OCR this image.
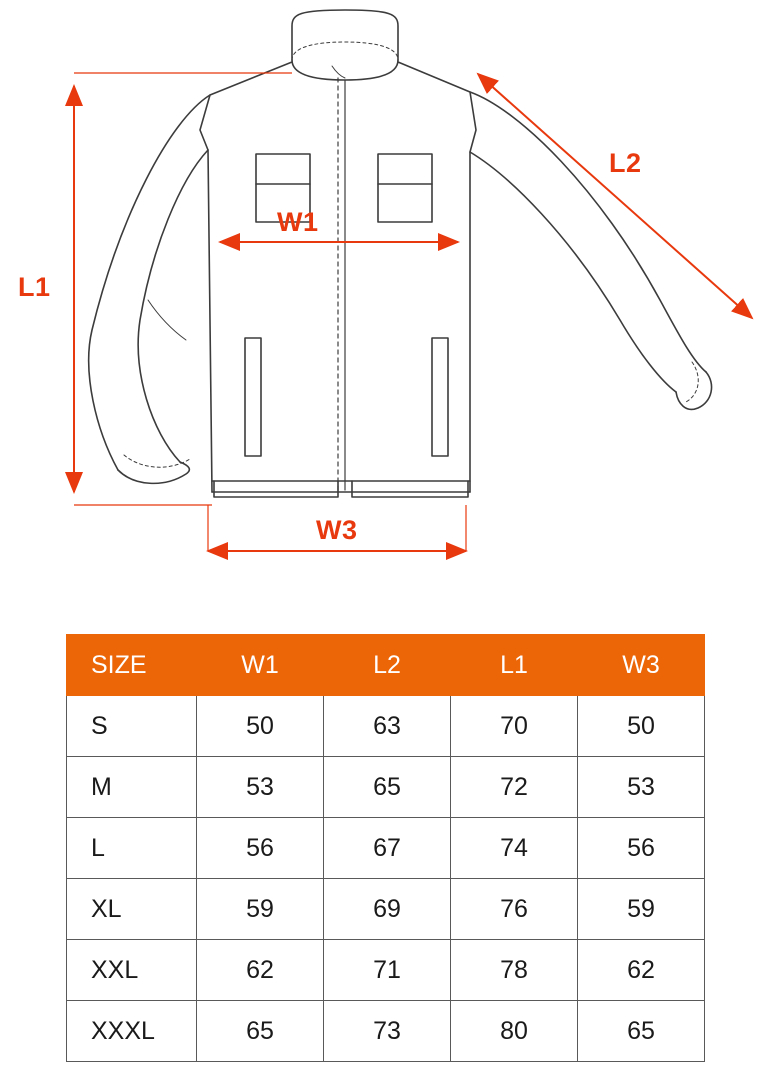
L1
L2
W1
W3
SIZE	W1	L2	L1	W3
S	50	63	70	50
M	53	65	72	53
L	56	67	74	56
XL	59	69	76	59
XXL	62	71	78	62
XXXL	65	73	80	65
